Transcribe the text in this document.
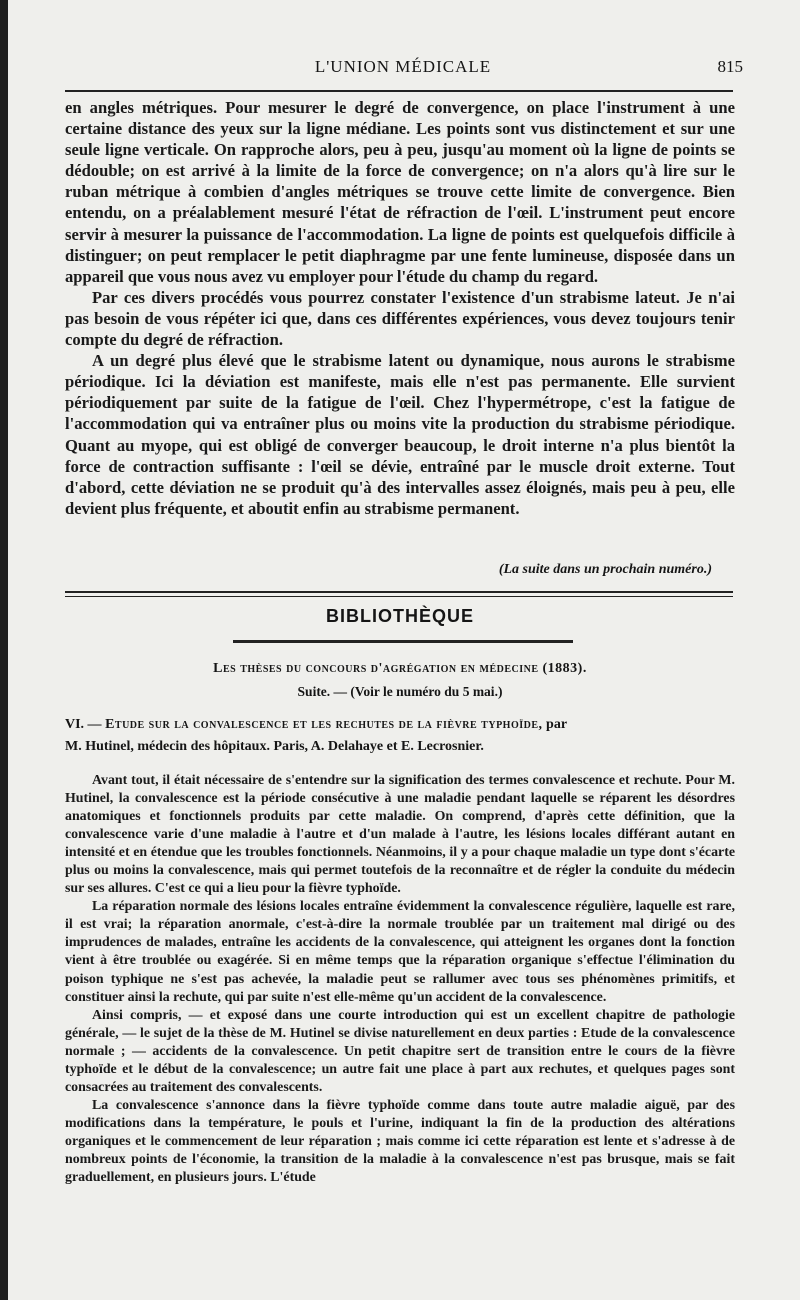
L'UNION MÉDICALE	815

en angles métriques. Pour mesurer le degré de convergence, on place l'instrument à une certaine distance des yeux sur la ligne médiane. Les points sont vus distinctement et sur une seule ligne verticale. On rapproche alors, peu à peu, jusqu'au moment où la ligne de points se dédouble; on est arrivé à la limite de la force de convergence; on n'a alors qu'à lire sur le ruban métrique à combien d'angles métriques se trouve cette limite de convergence. Bien entendu, on a préalablement mesuré l'état de réfraction de l'œil. L'instrument peut encore servir à mesurer la puissance de l'accommodation. La ligne de points est quelquefois difficile à distinguer; on peut remplacer le petit diaphragme par une fente lumineuse, disposée dans un appareil que vous nous avez vu employer pour l'étude du champ du regard.

Par ces divers procédés vous pourrez constater l'existence d'un strabisme lateut. Je n'ai pas besoin de vous répéter ici que, dans ces différentes expériences, vous devez toujours tenir compte du degré de réfraction.

A un degré plus élevé que le strabisme latent ou dynamique, nous aurons le strabisme périodique. Ici la déviation est manifeste, mais elle n'est pas permanente. Elle survient périodiquement par suite de la fatigue de l'œil. Chez l'hypermétrope, c'est la fatigue de l'accommodation qui va entraîner plus ou moins vite la production du strabisme périodique. Quant au myope, qui est obligé de converger beaucoup, le droit interne n'a plus bientôt la force de contraction suffisante : l'œil se dévie, entraîné par le muscle droit externe. Tout d'abord, cette déviation ne se produit qu'à des intervalles assez éloignés, mais peu à peu, elle devient plus fréquente, et aboutit enfin au strabisme permanent.

(La suite dans un prochain numéro.)
BIBLIOTHÈQUE
Les thèses du concours d'agrégation en médecine (1883).
Suite. — (Voir le numéro du 5 mai.)
VI. — Etude sur la convalescence et les rechutes de la fièvre typhoïde, par
M. Hutinel, médecin des hôpitaux. Paris, A. Delahaye et E. Lecrosnier.

Avant tout, il était nécessaire de s'entendre sur la signification des termes convalescence et rechute. Pour M. Hutinel, la convalescence est la période consécutive à une maladie pendant laquelle se réparent les désordres anatomiques et fonctionnels produits par cette maladie. On comprend, d'après cette définition, que la convalescence varie d'une maladie à l'autre et d'un malade à l'autre, les lésions locales différant autant en intensité et en étendue que les troubles fonctionnels. Néanmoins, il y a pour chaque maladie un type dont s'écarte plus ou moins la convalescence, mais qui permet toutefois de la reconnaître et de régler la conduite du médecin sur ses allures. C'est ce qui a lieu pour la fièvre typhoïde.

La réparation normale des lésions locales entraîne évidemment la convalescence régulière, laquelle est rare, il est vrai; la réparation anormale, c'est-à-dire la normale troublée par un traitement mal dirigé ou des imprudences de malades, entraîne les accidents de la convalescence, qui atteignent les organes dont la fonction vient à être troublée ou exagérée. Si en même temps que la réparation organique s'effectue l'élimination du poison typhique ne s'est pas achevée, la maladie peut se rallumer avec tous ses phénomènes primitifs, et constituer ainsi la rechute, qui par suite n'est elle-même qu'un accident de la convalescence.

Ainsi compris, — et exposé dans une courte introduction qui est un excellent chapitre de pathologie générale, — le sujet de la thèse de M. Hutinel se divise naturellement en deux parties : Etude de la convalescence normale ; — accidents de la convalescence. Un petit chapitre sert de transition entre le cours de la fièvre typhoïde et le début de la convalescence; un autre fait une place à part aux rechutes, et quelques pages sont consacrées au traitement des convalescents.

La convalescence s'annonce dans la fièvre typhoïde comme dans toute autre maladie aiguë, par des modifications dans la température, le pouls et l'urine, indiquant la fin de la production des altérations organiques et le commencement de leur réparation ; mais comme ici cette réparation est lente et s'adresse à de nombreux points de l'économie, la transition de la maladie à la convalescence n'est pas brusque, mais se fait graduellement, en plusieurs jours. L'étude
